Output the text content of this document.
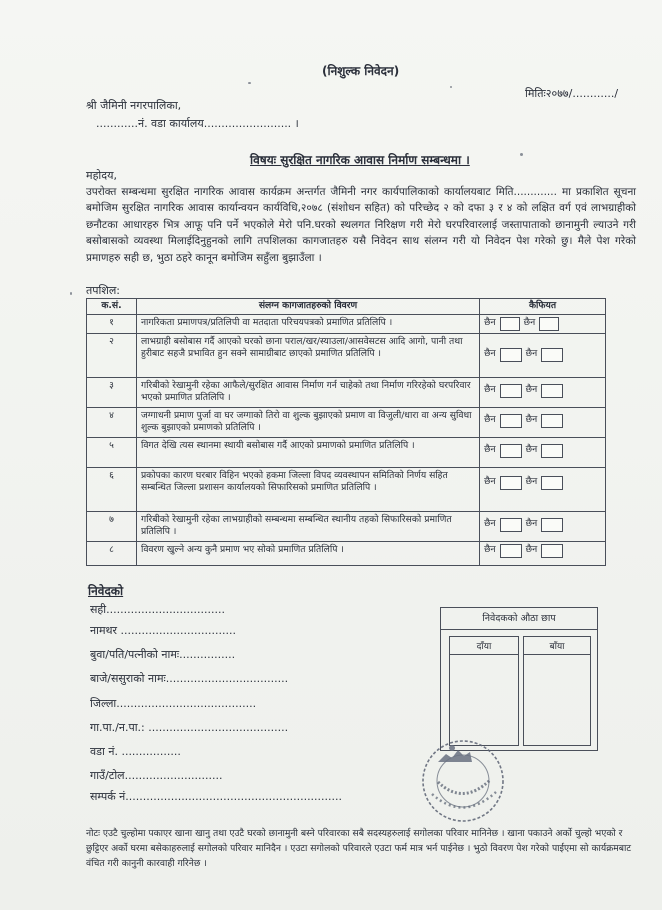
(निशुल्क निवेदन)
मितिः२०७७/............/
श्री जैमिनी नगरपालिका,
............नं. वडा कार्यालय......................... ।
विषयः सुरक्षित नागरिक आवास निर्माण सम्बन्धमा ।
महोदय,
उपरोक्त सम्बन्धमा सुरक्षित नागरिक आवास कार्यक्रम अन्तर्गत जैमिनी नगर कार्यपालिकाको कार्यालयबाट मिति............. मा प्रकाशित सूचना बमोजिम सुरक्षित नागरिक आवास कार्यान्वयन कार्यविधि,२०७८ (संशोधन सहित) को परिच्छेद २ को दफा ३ र ४ को लक्षित वर्ग एवं लाभग्राहीको छनौटका आधारहरु भित्र आफू पनि पर्ने भएकोले मेरो पनि.घरको स्थलगत निरिक्षण गरी मेरो घरपरिवारलाई जस्तापाताको छानामुनी ल्याउने गरी बसोबासको व्यवस्था मिलाईदिनुहुनको लागि तपशिलका कागजातहरु यसै निवेदन साथ संलग्न गरी यो निवेदन पेश गरेको छु। मैले पेश गरेको प्रमाणहरु सही छ, भुठा ठहरे कानून बमोजिम सहुँला बुझाउँला ।
तपशिल:
क.सं.	संलग्न कागजातहरुको विवरण	कैफियत
१	नागरिकता प्रमाणपत्र/प्रतिलिपी वा मतदाता परिचयपत्रको प्रमाणित प्रतिलिपि ।	छैन छैन

२	लाभग्राही बसोबास गर्दै आएको घरको छाना पराल/खर/स्याउला/आसवेसटस आदि आगो, पानी तथा हुरीबाट सहजै प्रभावित हुन सक्ने सामाग्रीबाट छाएको प्रमाणित प्रतिलिपि ।	छैन छैन

३	गरिबीको रेखामुनी रहेका आफैले/सुरक्षित आवास निर्माण गर्न चाहेको तथा निर्माण गरिरहेको घरपरिवार भएको प्रमाणित प्रतिलिपि ।	छैन छैन

४	जग्गाधनी प्रमाण पुर्जा वा घर जग्गाको तिरो वा शुल्क बुझाएको प्रमाण वा विजुली/धारा वा अन्य सुविधा शुल्क बुझाएको प्रमाणको प्रतिलिपि ।	छैन छैन

५	विगत देखि त्यस स्थानमा स्थायी बसोबास गर्दै आएको प्रमाणको प्रमाणित प्रतिलिपि ।	छैन छैन

६	प्रकोपका कारण घरबार विहिन भएको हकमा जिल्ला विपद व्यवस्थापन समितिको निर्णय सहित सम्बन्धित जिल्ला प्रशासन कार्यालयको सिफारिसको प्रमाणित प्रतिलिपि ।	छैन छैन

७	गरिबीको रेखामुनी रहेका लाभग्राहीको सम्बन्धमा सम्बन्धित स्थानीय तहको सिफारिसको प्रमाणित प्रतिलिपि ।	छैन छैन

८	विवरण खुल्ने अन्य कुनै प्रमाण भए सोको प्रमाणित प्रतिलिपि ।	छैन छैन
निवेदको
सही..................................
नामथर .................................
बुवा/पति/पत्नीको नामः................
बाजे/ससुराको नामः...................................
जिल्ला........................................
गा.पा./न.पा.: ........................................
वडा नं. .................
गाउँ/टोल............................
सम्पर्क नं..............................................................
निवेदकको औठा छाप
दाँया	बाँया
नोटः एउटै चुल्होमा पकाएर खाना खानु तथा एउटै घरको छानामुनी बस्ने परिवारका सबै सदस्यहरुलाई सगोलका परिवार मानिनेछ । खाना पकाउने अर्को चुल्हो भएको र छुट्टिएर अर्को घरमा बसेकाहरुलाई सगोलको परिवार मानिदैन । एउटा सगोलको परिवारले एउटा फर्म मात्र भर्न पाईनेछ । भुठो विवरण पेश गरेको पाईएमा सो कार्यक्रमबाट वंचित गरी कानुनी कारवाही गरिनेछ ।
